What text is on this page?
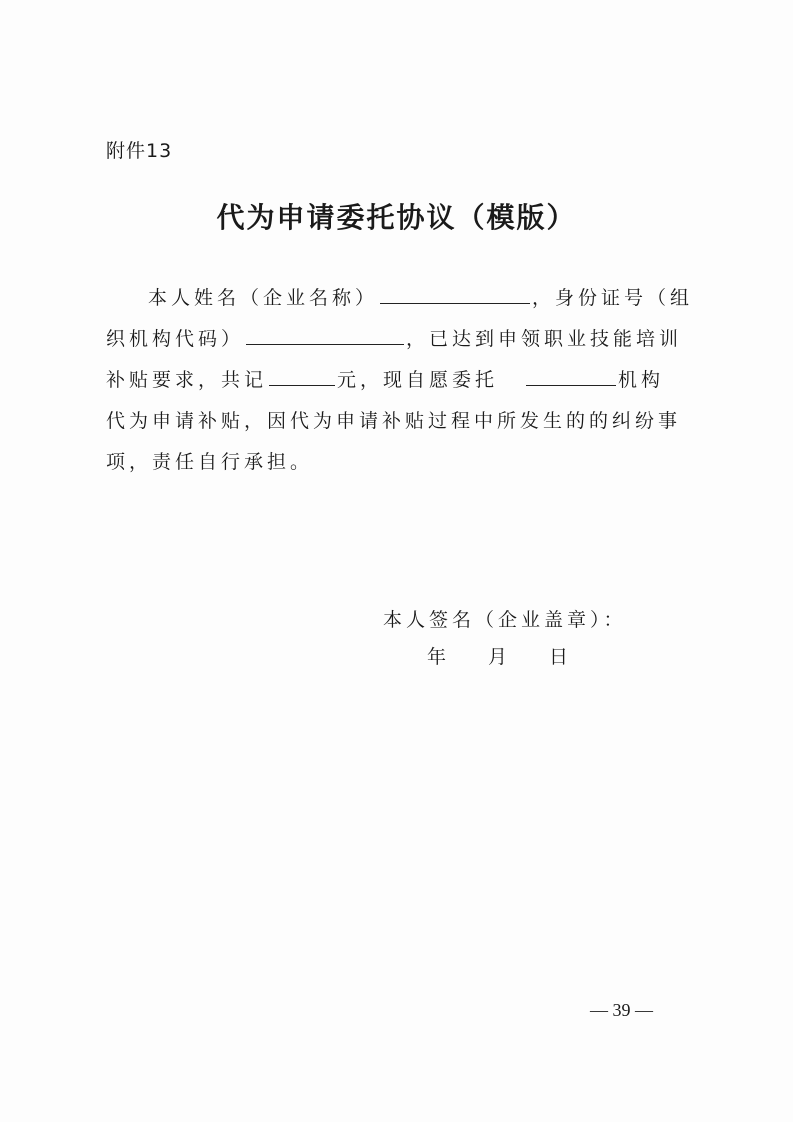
附件13
代为申请委托协议（模版）
本人姓名（企业名称）	，身份证号（组
织机构代码）	，已达到申领职业技能培训
补贴要求，共记	元，现自愿委托	机构
代为申请补贴，因代为申请补贴过程中所发生的的纠纷事
项，责任自行承担。
本人签名（企业盖章）：
年 月 日
— 39 —
